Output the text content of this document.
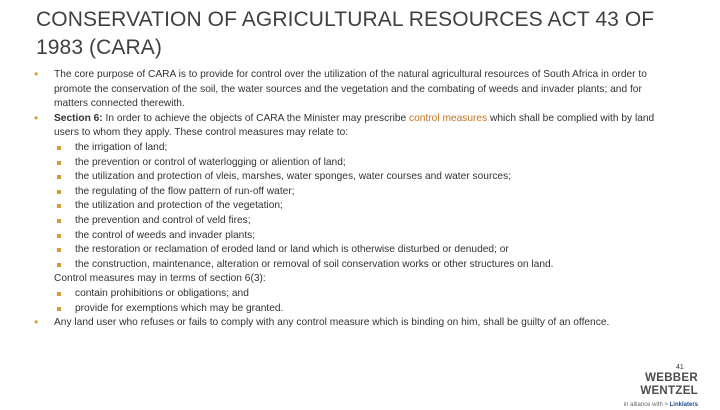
CONSERVATION OF AGRICULTURAL RESOURCES ACT 43 OF 1983 (CARA)
• The core purpose of CARA is to provide for control over the utilization of the natural agricultural resources of South Africa in order to promote the conservation of the soil, the water sources and the vegetation and the combating of weeds and invader plants; and for matters connected therewith.
• Section 6: In order to achieve the objects of CARA the Minister may prescribe control measures which shall be complied with by land users to whom they apply. These control measures may relate to:
the irrigation of land;
the prevention or control of waterlogging or aliention of land;
the utilization and protection of vleis, marshes, water sponges, water courses and water sources;
the regulating of the flow pattern of run-off water;
the utilization and protection of the vegetation;
the prevention and control of veld fires;
the control of weeds and invader plants;
the restoration or reclamation of eroded land or land which is otherwise disturbed or denuded; or
the construction, maintenance, alteration or removal of soil conservation works or other structures on land.
Control measures may in terms of section 6(3):
contain prohibitions or obligations; and
provide for exemptions which may be granted.
• Any land user who refuses or fails to comply with any control measure which is binding on him, shall be guilty of an offence.
41
WEBBER WENTZEL
in alliance with > Linklaters
